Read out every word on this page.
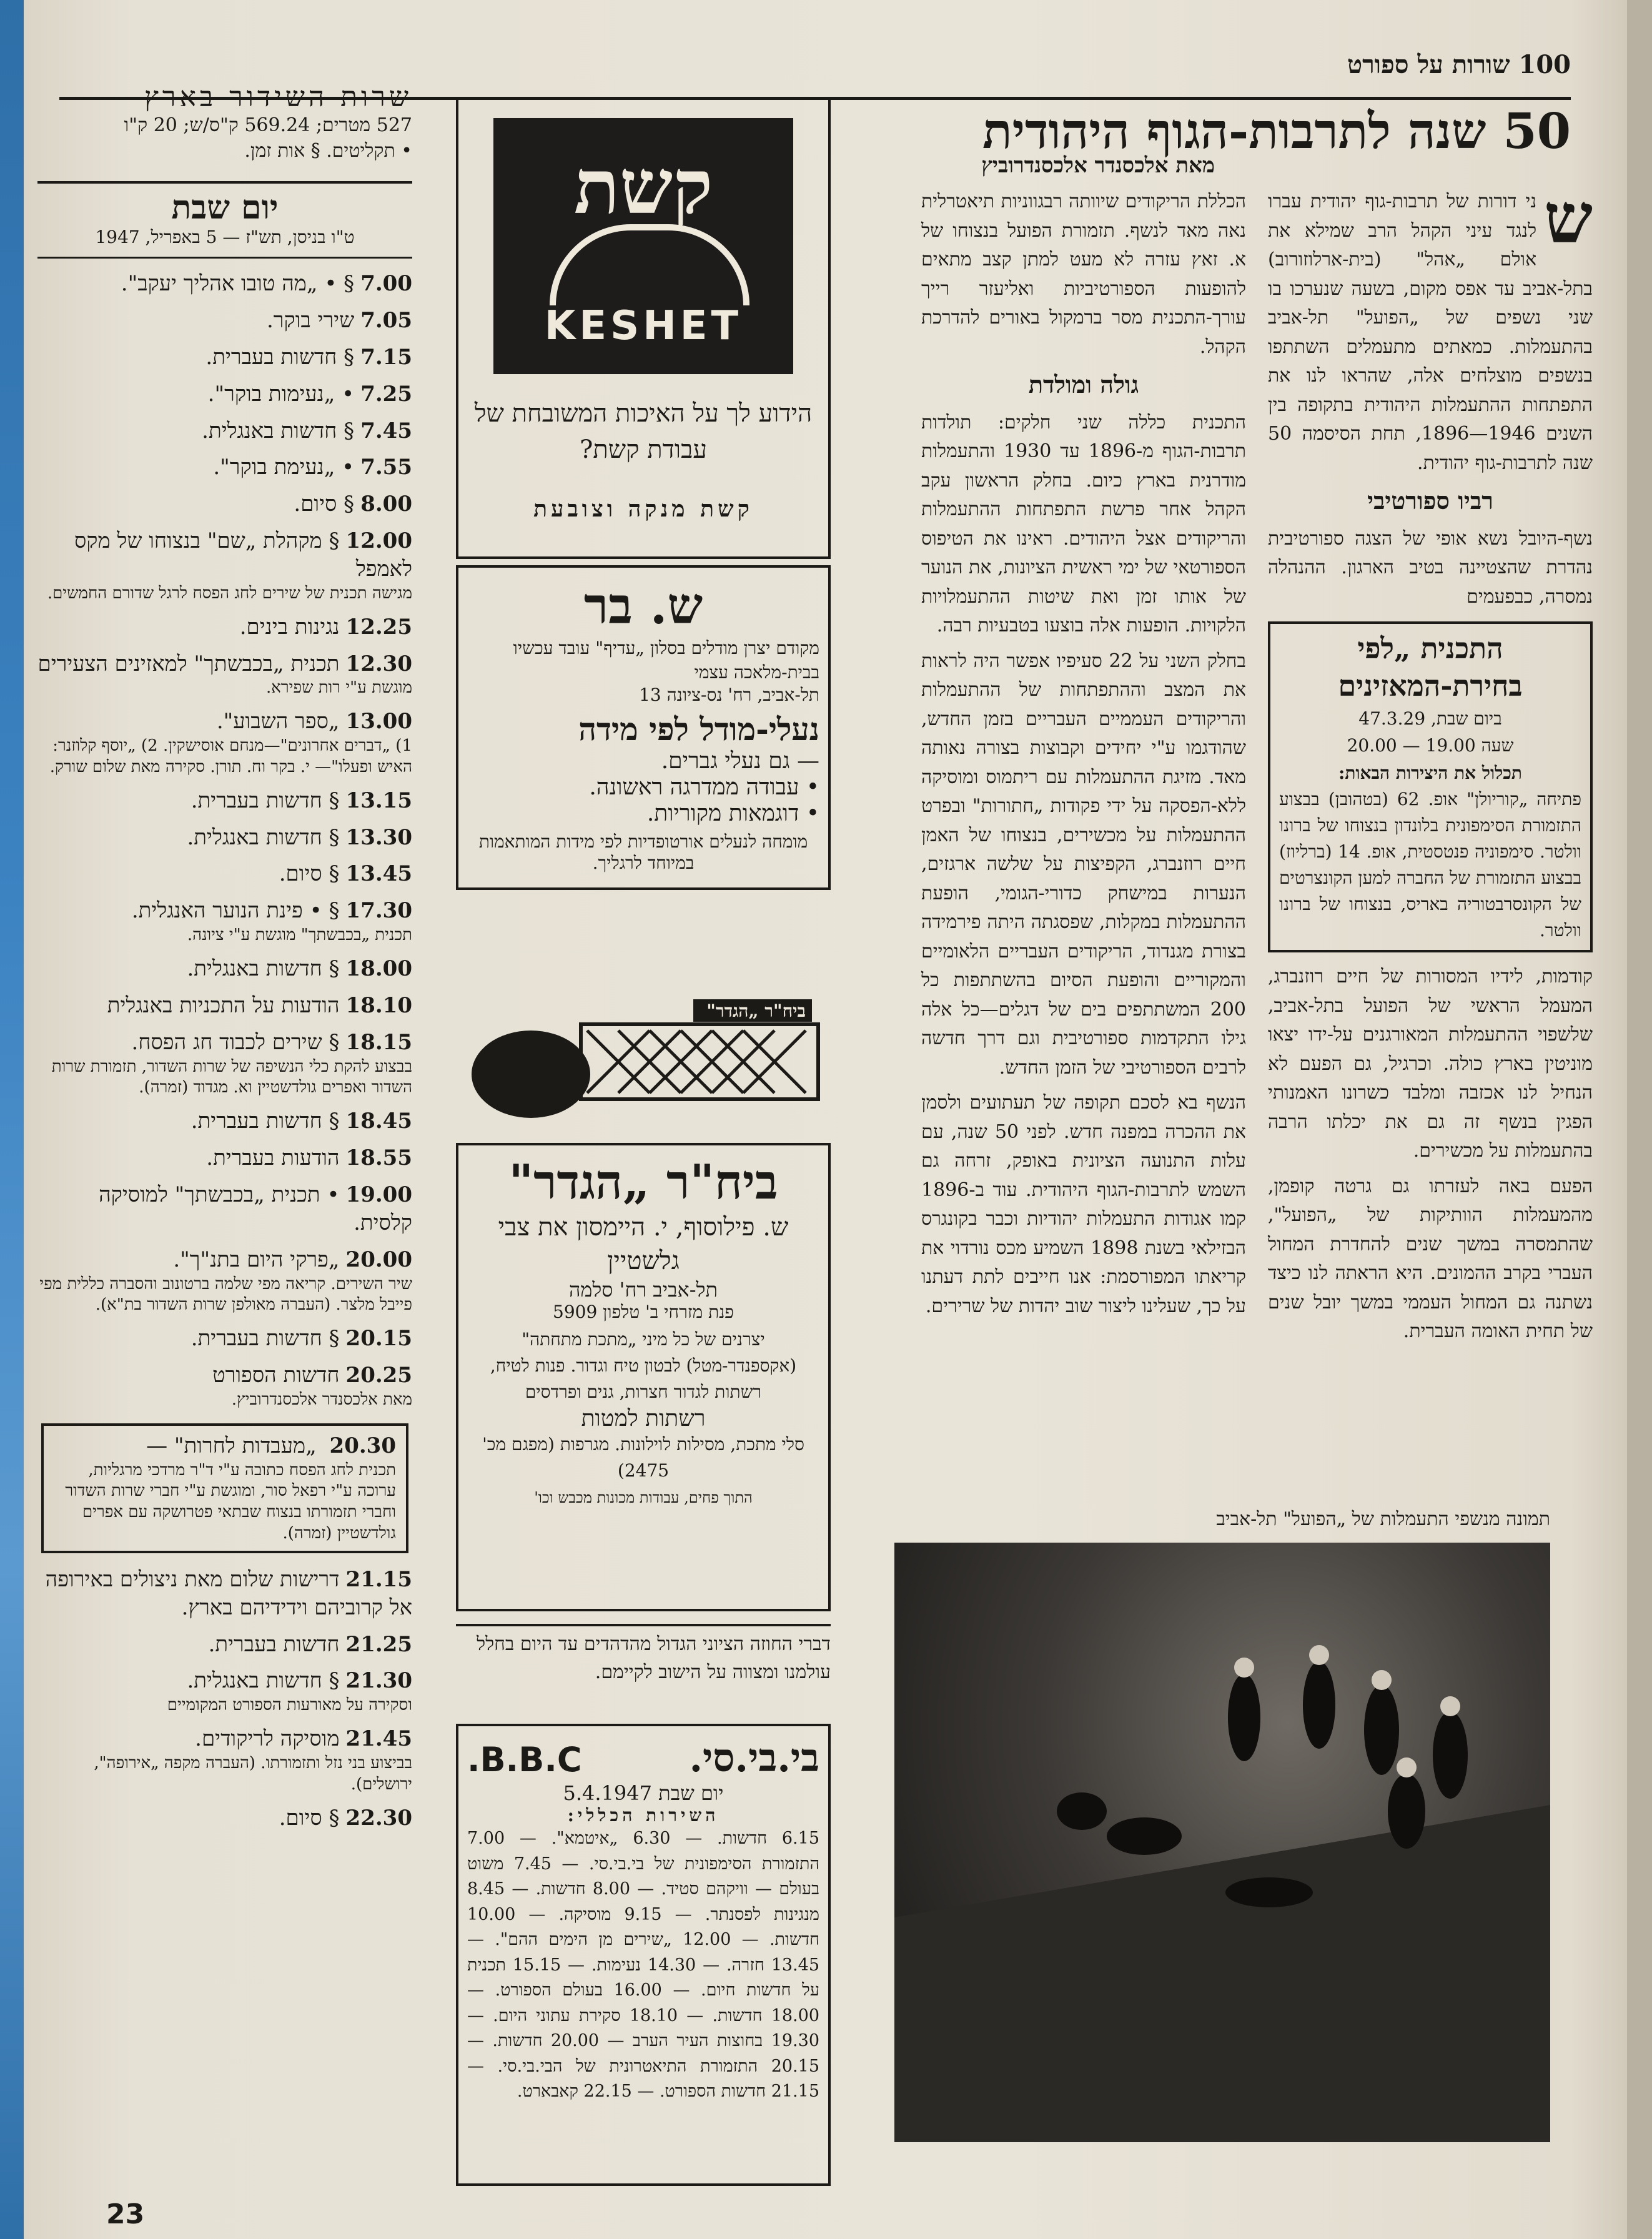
100 שורות על ספורט
שרות השידור בארץ
527 מטרים; 569.24 ק"ס/ש; 20 ק"ו
• תקליטים. § אות זמן.
יום שבת
ט"ו בניסן, תש"ז — 5 באפריל, 1947
7.00§ • „מה טובו אהליך יעקב".
7.05שירי בוקר.
7.15§ חדשות בעברית.
7.25• „נעימות בוקר".
7.45§ חדשות באנגלית.
7.55• „נעימת בוקר".
8.00§ סיום.
12.00§ מקהלת „שם" בנצוחו של מקס לאמפל
מגישה תכנית של שירים לחג הפסח לרגל שדורם החמשים.
12.25נגינות בינים.
12.30תכנית „בכבשתך" למאזינים הצעירים
מוגשת ע"י רות שפירא.
13.00„ספר השבוע".
1) „דברים אחרונים"—מנחם אוסישקין. 2) „יוסף קלוזנר: האיש ופעלו"— י. בקר וח. תורן. סקירה מאת שלום שורק.
13.15§ חדשות בעברית.
13.30§ חדשות באנגלית.
13.45§ סיום.
17.30§ • פינת הנוער האנגלית.
תכנית „בכבשתך" מוגשת ע"י ציונה.
18.00§ חדשות באנגלית.
18.10הודעות על התכניות באנגלית
18.15§ שירים לכבוד חג הפסח.
בבצוע להקת כלי הנשיפה של שרות השדור, תזמורת שרות השדור ואפרים גולדשטיין וא. מגדוד (זמרה).
18.45§ חדשות בעברית.
18.55הודעות בעברית.
19.00• תכנית „בכבשתך" למוסיקה קלסית.
20.00„פרקי היום בתנ"ך".
שיר השירים. קריאה מפי שלמה ברטונוב והסברה כללית מפי פייבל מלצר. (העברה מאולפן שרות השדור בת"א).
20.15§ חדשות בעברית.
20.25חדשות הספורט
מאת אלכסנדר אלכסנדרוביץ.
20.30 „מעבדות לחרות" —
תכנית לחג הפסח כתובה ע"י ד"ר מרדכי מרגליות, ערוכה ע"י רפאל סור, ומוגשת ע"י חברי שרות השדור וחברי תזמורתו בנצוח שבתאי פטרושקה עם אפרים גולדשטיין (זמרה).
21.15דרישות שלום מאת ניצולים באירופה אל קרוביהם וידידיהם בארץ.
21.25חדשות בעברית.
21.30§ חדשות באנגלית.
וסקירה על מאורעות הספורט המקומיים
21.45מוסיקה לריקודים.
בביצוע בני נזל ותזמורתו. (העברה מקפה „אירופה", ירושלים).
22.30§ סיום.
קשת
KESHET
הידוע לך על האיכות המשובחת של עבודת קשת?
קשת מנקה וצובעת
ש. בר
מקודם יצרן מודלים בסלון „עדיף" עובד עכשיו בבית-מלאכה עצמי
תל-אביב, רח' נס-ציונה 13
נעלי-מודל לפי מידה
— גם נעלי גברים.
• עבודה ממדרגה ראשונה.
• דוגמאות מקוריות.
מומחה לנעלים אורטופדיות לפי מידות המותאמות במיוחד לרגליך.
ביח"ר „הגדר"
ביח"ר „הגדר"
ש. פילוסוף, י. היימסון את צבי גלשטיין
תל-אביב רח' סלמה
פנת מזרחי ב' טלפון 5909
יצרנים של כל מיני „מתכת מתחתה" (אקספנדר-מטל) לבטון טיח וגדור. פנות לטיח, רשתות לגדור חצרות, גנים ופרדסים
רשתות למטות
סלי מתכת, מסילות לוילונות. מגרפות (מפגם מכ' 2475)
התוך פחים, עבודות מכונות מכבש וכו'
דברי החוזה הציוני הגדול מהדהדים עד היום בחלל עולמנו ומצווה על הישוב לקיימם.
בי.בי.סי.
B.B.C.
יום שבת 5.4.1947
השירות הכללי:
6.15 חדשות. — 6.30 „איטמא". — 7.00 התזמורת הסימפונית של בי.בי.סי. — 7.45 משוט בעולם — וויקהם סטיד. — 8.00 חדשות. — 8.45 מנגינות לפסנתר. — 9.15 מוסיקה. — 10.00 חדשות. — 12.00 „שירים מן הימים ההם". — 13.45 חזרה. — 14.30 נעימות. — 15.15 תכנית על חדשות חיום. — 16.00 בעולם הספורט. — 18.00 חדשות. — 18.10 סקירת עתוני היום. — 19.30 בחוצות העיר הערב — 20.00 חדשות. — 20.15 התזמורת התיאטרונית של הבי.בי.סי. — 21.15 חדשות הספורט. — 22.15 קאבארט.
50 שנה לתרבות-הגוף היהודית
מאת אלכסנדר אלכסנדרוביץ
ש
ני דורות של תרבות-גוף יהודית עברו לנגד עיני הקהל הרב שמילא את אולם „אהל" (בית-ארלוזורוב) בתל-אביב עד אפס מקום, בשעה שנערכו בו שני נשפים של „הפועל" תל-אביב בהתעמלות. כמאתים מתעמלים השתתפו בנשפים מוצלחים אלה, שהראו לנו את התפתחות ההתעמלות היהודית בתקופה בין השנים 1946—1896, תחת הסיסמה 50 שנה לתרבות-גוף יהודית.
רביו ספורטיבי
נשף-היובל נשא אופי של הצגה ספורטיבית נהדרת שהצטיינה בטיב הארגון. ההנהלה נמסרה, כבפעמים
התכנית „לפי בחירת-המאזינים
ביום שבת, 47.3.29
שעה 19.00 — 20.00
תכלול את היצירות הבאות:
פתיחה „קוריולן" אופ. 62 (בטהובן) בבצוע התזמורת הסימפונית בלונדון בנצוחו של ברונו וולטר. סימפוניה פנטסטית, אופ. 14 (ברליוז) בבצוע התזמורת של החברה למען הקונצרטים של הקונסרבטוריה באריס, בנצוחו של ברונו וולטר.
קודמות, לידיו המסורות של חיים רוזנברג, המעמל הראשי של הפועל בתל-אביב, שלשפוי ההתעמלות המאורגנים על-ידו יצאו מוניטין בארץ כולה. וכרגיל, גם הפעם לא הנחיל לנו אכזבה ומלבד כשרונו האמנותי הפגין בנשף זה גם את יכלתו הרבה בהתעמלות על מכשירים.
הפעם באה לעזרתו גם גרטה קופמן, מהמעמלות הוותיקות של „הפועל", שהתמסרה במשך שנים להחדרת המחול העברי בקרב ההמונים. היא הראתה לנו כיצד נשתנה גם המחול העממי במשך יובל שנים של תחית האומה העברית.
הכללת הריקודים שיוותה רבגווניות תיאטרלית נאה מאד לנשף. תזמורת הפועל בנצוחו של א. זאץ עזרה לא מעט למתן קצב מתאים להופעות הספורטיביות ואליעזר רייך עורך-התכנית מסר ברמקול באורים להדרכת הקהל.
גולה ומולדת
התכנית כללה שני חלקים: תולדות תרבות-הגוף מ-1896 עד 1930 והתעמלות מודרנית בארץ כיום. בחלק הראשון עקב הקהל אחר פרשת התפתחות ההתעמלות והריקודים אצל היהודים. ראינו את הטיפוס הספורטאי של ימי ראשית הציונות, את הנוער של אותו זמן ואת שיטות ההתעמלויות הלקויות. הופעות אלה בוצעו בטבעיות רבה.
בחלק השני על 22 סעיפיו אפשר היה לראות את המצב וההתפתחות של ההתעמלות והריקודים העממיים העבריים בזמן החדש, שהודגמו ע"י יחידים וקבוצות בצורה נאותה מאד. מזיגת ההתעמלות עם ריתמוס ומוסיקה ללא-הפסקה על ידי פקודות „חתורות" ובפרט ההתעמלות על מכשירים, בנצוחו של האמן חיים רוזנברג, הקפיצות על שלשה ארגזים, הנערות במישחק כדורי-הגומי, הופעת ההתעמלות במקלות, שפסגתה היתה פירמידה בצורת מגנדוד, הריקודים העבריים הלאומיים והמקוריים והופעת הסיום בהשתתפות כל 200 המשתתפים בים של דגלים—כל אלה גילו התקדמות ספורטיבית וגם דרך חדשה לרבים הספורטיבי של הזמן החדש.
הנשף בא לסכם תקופה של תעתועים ולסמן את ההכרה במפנה חדש. לפני 50 שנה, עם עלות התנועה הציונית באופק, זרחה גם השמש לתרבות-הגוף היהודית. עוד ב-1896 קמו אגודות התעמלות יהודיות וכבר בקונגרס הבזילאי בשנת 1898 השמיע מכס נורדוי את קריאתו המפורסמת: אנו חייבים לתת דעתנו על כך, שעלינו ליצור שוב יהדות של שרירים.
תמונה מנשפי התעמלות של „הפועל" תל-אביב
23
